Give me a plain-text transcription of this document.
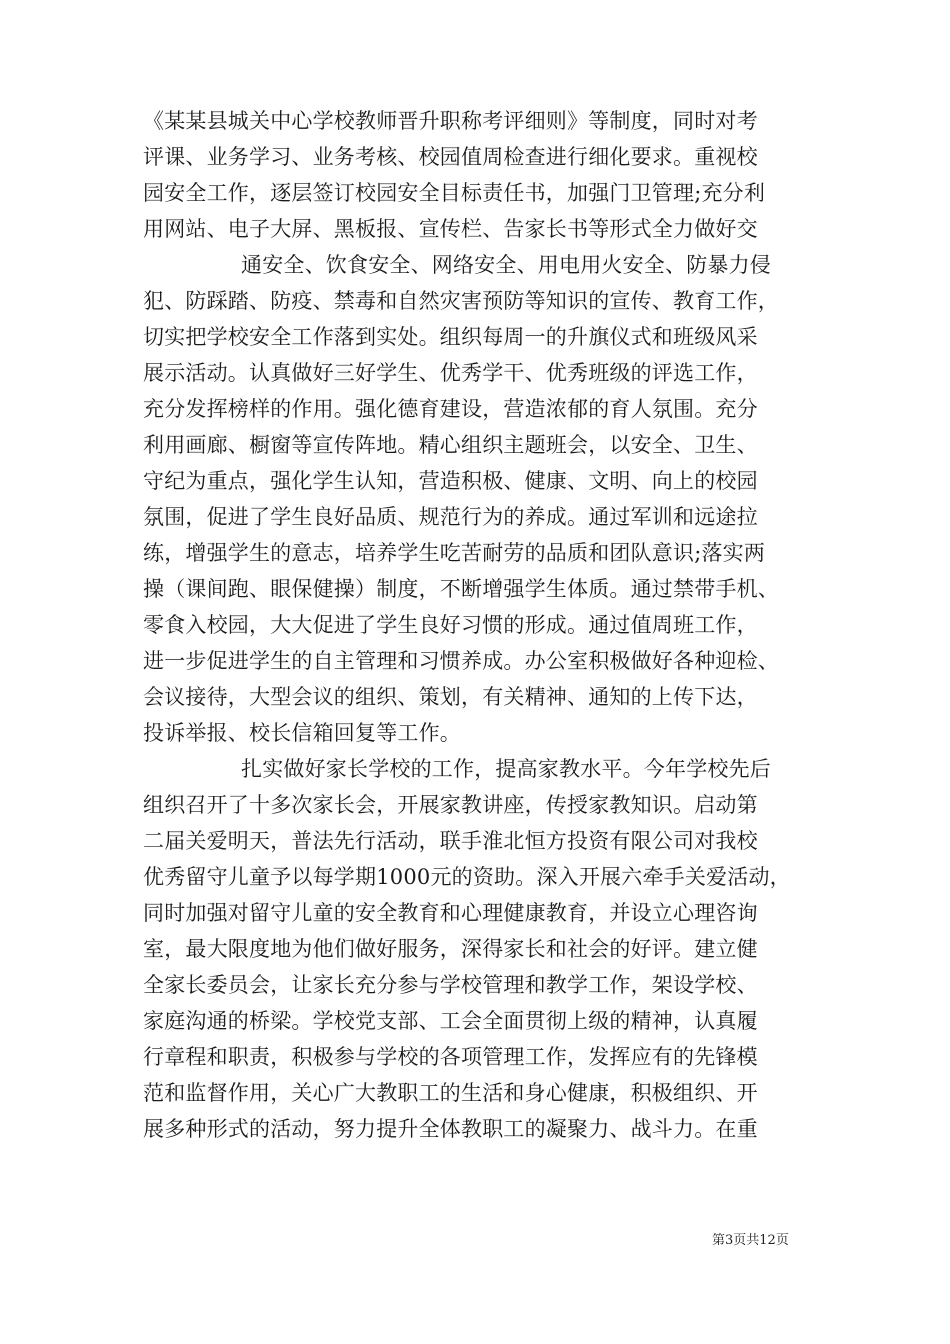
《某某县城关中心学校教师晋升职称考评细则》等制度，同时对考
评课、业务学习、业务考核、校园值周检查进行细化要求。重视校
园安全工作，逐层签订校园安全目标责任书，加强门卫管理;充分利
用网站、电子大屏、黑板报、宣传栏、告家长书等形式全力做好交
通安全、饮食安全、网络安全、用电用火安全、防暴力侵
犯、防踩踏、防疫、禁毒和自然灾害预防等知识的宣传、教育工作，
切实把学校安全工作落到实处。组织每周一的升旗仪式和班级风采
展示活动。认真做好三好学生、优秀学干、优秀班级的评选工作，
充分发挥榜样的作用。强化德育建设，营造浓郁的育人氛围。充分
利用画廊、橱窗等宣传阵地。精心组织主题班会，以安全、卫生、
守纪为重点，强化学生认知，营造积极、健康、文明、向上的校园
氛围，促进了学生良好品质、规范行为的养成。通过军训和远途拉
练，增强学生的意志，培养学生吃苦耐劳的品质和团队意识;落实两
操（课间跑、眼保健操）制度，不断增强学生体质。通过禁带手机、
零食入校园，大大促进了学生良好习惯的形成。通过值周班工作，
进一步促进学生的自主管理和习惯养成。办公室积极做好各种迎检、
会议接待，大型会议的组织、策划，有关精神、通知的上传下达，
投诉举报、校长信箱回复等工作。
扎实做好家长学校的工作，提高家教水平。今年学校先后
组织召开了十多次家长会，开展家教讲座，传授家教知识。启动第
二届关爱明天，普法先行活动，联手淮北恒方投资有限公司对我校
优秀留守儿童予以每学期1000元的资助。深入开展六牵手关爱活动，
同时加强对留守儿童的安全教育和心理健康教育，并设立心理咨询
室，最大限度地为他们做好服务，深得家长和社会的好评。建立健
全家长委员会，让家长充分参与学校管理和教学工作，架设学校、
家庭沟通的桥梁。学校党支部、工会全面贯彻上级的精神，认真履
行章程和职责，积极参与学校的各项管理工作，发挥应有的先锋模
范和监督作用，关心广大教职工的生活和身心健康，积极组织、开
展多种形式的活动，努力提升全体教职工的凝聚力、战斗力。在重
第3页共12页
